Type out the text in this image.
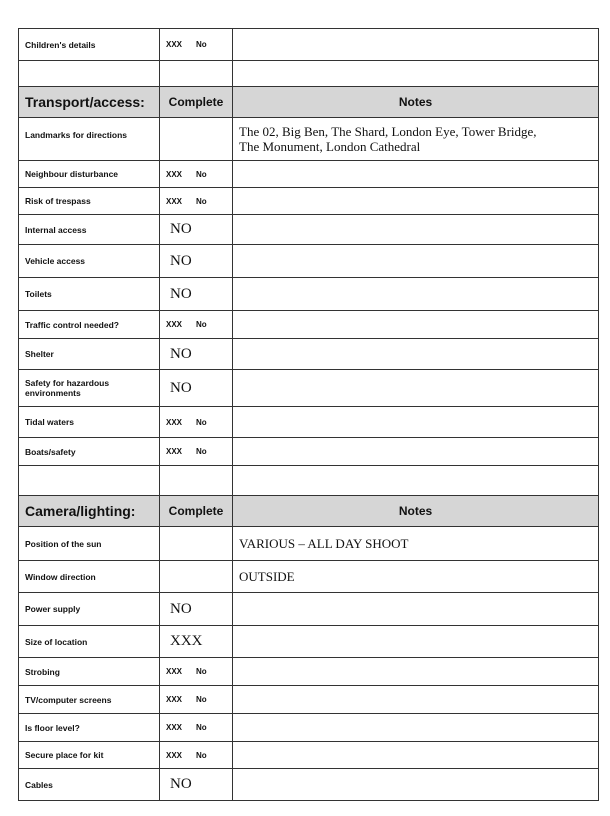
Children's details	XXX No	

Transport/access:	Complete	Notes
Landmarks for directions		The 02, Big Ben, The Shard, London Eye, Tower Bridge,
The Monument, London Cathedral

Neighbour disturbance	XXX No	
Risk of trespass	XXX No	
Internal access	NO	
Vehicle access	NO	
Toilets	NO	
Traffic control needed?	XXX No	
Shelter	NO	
Safety for hazardous environments	NO	
Tidal waters	XXX No	
Boats/safety	XXX No	

Camera/lighting:	Complete	Notes
Position of the sun		VARIOUS – ALL DAY SHOOT
Window direction		OUTSIDE
Power supply	NO	
Size of location	XXX	
Strobing	XXX No	
TV/computer screens	XXX No	
Is floor level?	XXX No	
Secure place for kit	XXX No	
Cables	NO	
